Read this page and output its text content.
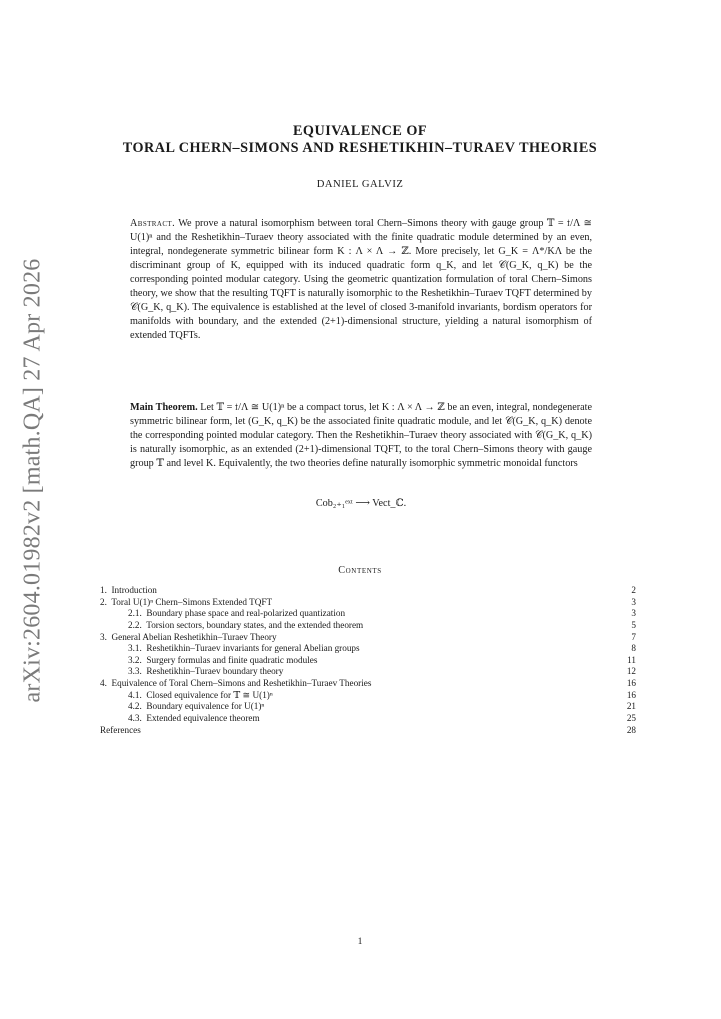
arXiv:2604.01982v2 [math.QA] 27 Apr 2026
EQUIVALENCE OF
TORAL CHERN–SIMONS AND RESHETIKHIN–TURAEV THEORIES
DANIEL GALVIZ
Abstract. We prove a natural isomorphism between toral Chern–Simons theory with gauge group 𝕋 = 𝔱/Λ ≅ U(1)ⁿ and the Reshetikhin–Turaev theory associated with the finite quadratic module determined by an even, integral, nondegenerate symmetric bilinear form K : Λ × Λ → ℤ. More precisely, let G_K = Λ*/KΛ be the discriminant group of K, equipped with its induced quadratic form q_K, and let 𝒞(G_K, q_K) be the corresponding pointed modular category. Using the geometric quantization formulation of toral Chern–Simons theory, we show that the resulting TQFT is naturally isomorphic to the Reshetikhin–Turaev TQFT determined by 𝒞(G_K, q_K). The equivalence is established at the level of closed 3-manifold invariants, bordism operators for manifolds with boundary, and the extended (2+1)-dimensional structure, yielding a natural isomorphism of extended TQFTs.
Main Theorem. Let 𝕋 = 𝔱/Λ ≅ U(1)ⁿ be a compact torus, let K : Λ × Λ → ℤ be an even, integral, nondegenerate symmetric bilinear form, let (G_K, q_K) be the associated finite quadratic module, and let 𝒞(G_K, q_K) denote the corresponding pointed modular category. Then the Reshetikhin–Turaev theory associated with 𝒞(G_K, q_K) is naturally isomorphic, as an extended (2+1)-dimensional TQFT, to the toral Chern–Simons theory with gauge group 𝕋 and level K. Equivalently, the two theories define naturally isomorphic symmetric monoidal functors
Cob₂₊₁ᵉˣᵗ ⟶ Vect_ℂ.
Contents
1. Introduction	2
2. Toral U(1)ⁿ Chern–Simons Extended TQFT	3
2.1. Boundary phase space and real-polarized quantization	3
2.2. Torsion sectors, boundary states, and the extended theorem	5
3. General Abelian Reshetikhin–Turaev Theory	7
3.1. Reshetikhin–Turaev invariants for general Abelian groups	8
3.2. Surgery formulas and finite quadratic modules	11
3.3. Reshetikhin–Turaev boundary theory	12
4. Equivalence of Toral Chern–Simons and Reshetikhin–Turaev Theories	16
4.1. Closed equivalence for 𝕋 ≅ U(1)ⁿ	16
4.2. Boundary equivalence for U(1)ⁿ	21
4.3. Extended equivalence theorem	25
References	28
1
